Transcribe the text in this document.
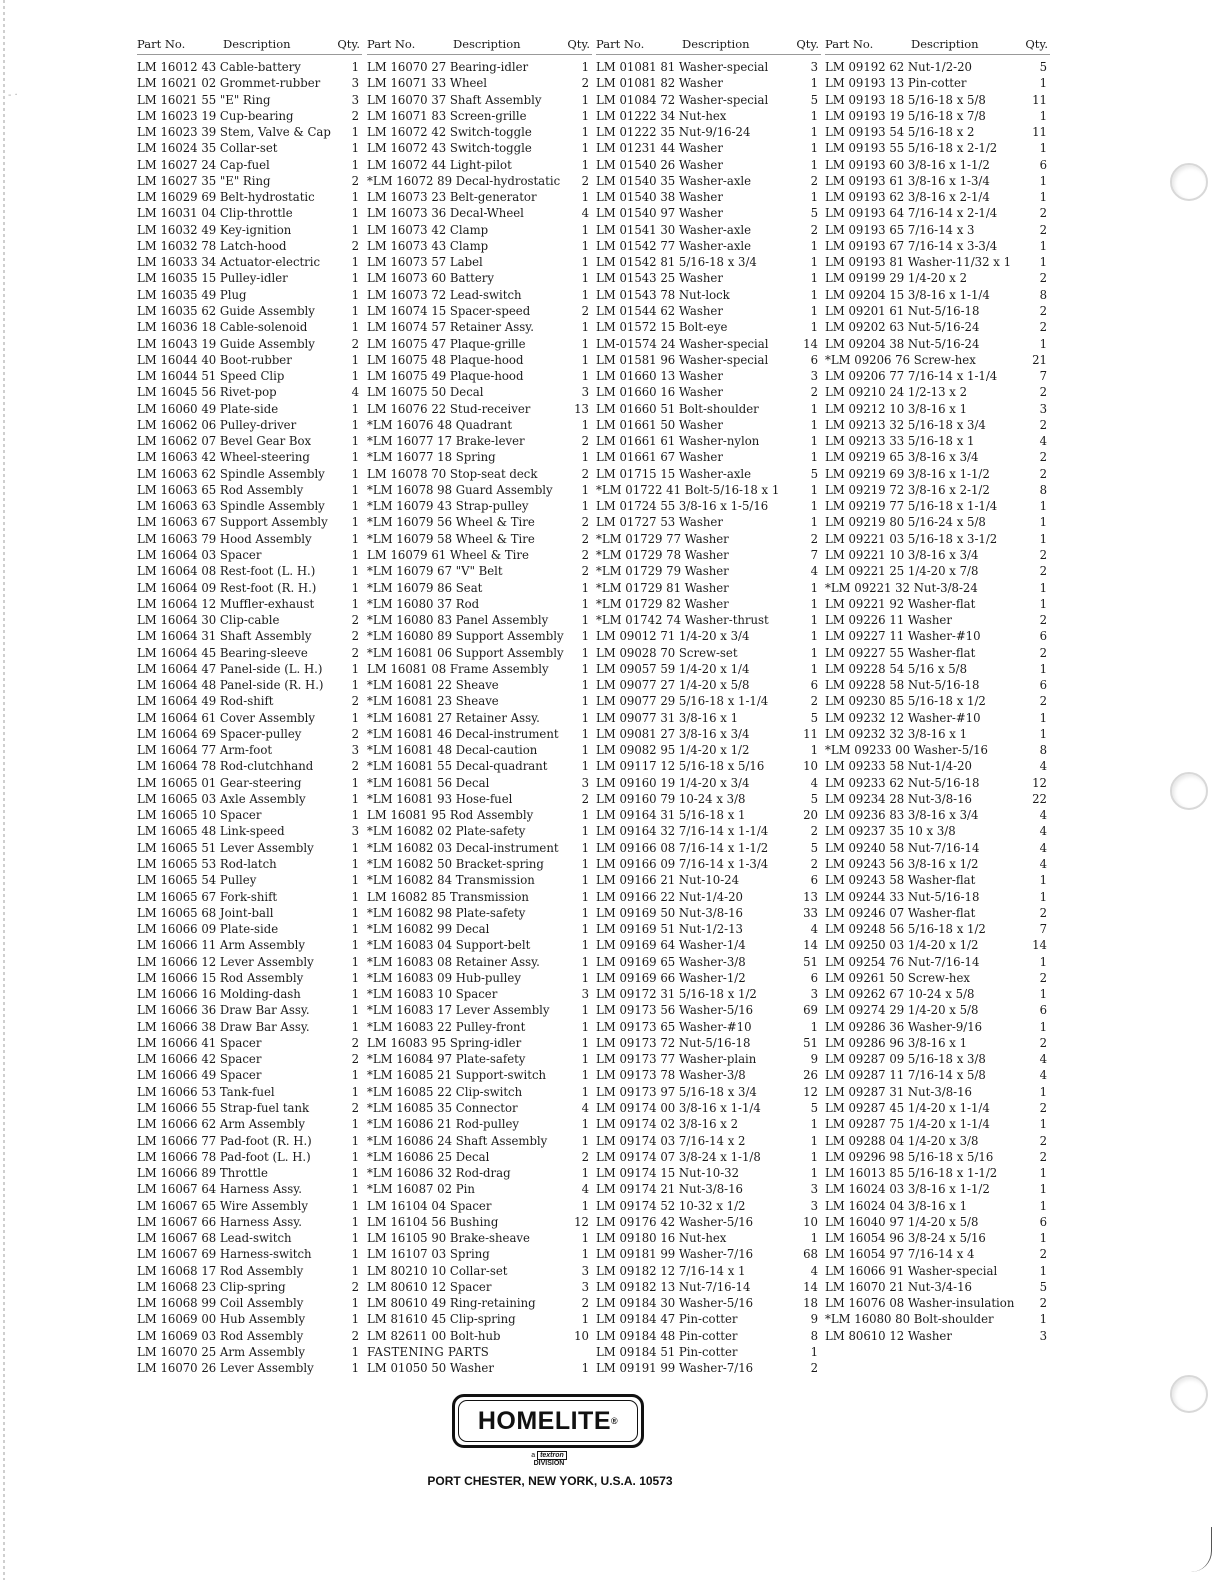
- ·
Part No.	Description	Qty.
LM 16012 43 Cable-battery	1
LM 16021 02 Grommet-rubber	3
LM 16021 55 "E" Ring	3
LM 16023 19 Cup-bearing	2
LM 16023 39 Stem, Valve & Cap	1
LM 16024 35 Collar-set	1
LM 16027 24 Cap-fuel	1
LM 16027 35 "E" Ring	2
LM 16029 69 Belt-hydrostatic	1
LM 16031 04 Clip-throttle	1
LM 16032 49 Key-ignition	1
LM 16032 78 Latch-hood	2
LM 16033 34 Actuator-electric	1
LM 16035 15 Pulley-idler	1
LM 16035 49 Plug	1
LM 16035 62 Guide Assembly	1
LM 16036 18 Cable-solenoid	1
LM 16043 19 Guide Assembly	2
LM 16044 40 Boot-rubber	1
LM 16044 51 Speed Clip	1
LM 16045 56 Rivet-pop	4
LM 16060 49 Plate-side	1
LM 16062 06 Pulley-driver	1
LM 16062 07 Bevel Gear Box	1
LM 16063 42 Wheel-steering	1
LM 16063 62 Spindle Assembly	1
LM 16063 65 Rod Assembly	1
LM 16063 63 Spindle Assembly	1
LM 16063 67 Support Assembly	1
LM 16063 79 Hood Assembly	1
LM 16064 03 Spacer	1
LM 16064 08 Rest-foot (L. H.)	1
LM 16064 09 Rest-foot (R. H.)	1
LM 16064 12 Muffler-exhaust	1
LM 16064 30 Clip-cable	2
LM 16064 31 Shaft Assembly	2
LM 16064 45 Bearing-sleeve	2
LM 16064 47 Panel-side (L. H.)	1
LM 16064 48 Panel-side (R. H.)	1
LM 16064 49 Rod-shift	2
LM 16064 61 Cover Assembly	1
LM 16064 69 Spacer-pulley	2
LM 16064 77 Arm-foot	3
LM 16064 78 Rod-clutchhand	2
LM 16065 01 Gear-steering	1
LM 16065 03 Axle Assembly	1
LM 16065 10 Spacer	1
LM 16065 48 Link-speed	3
LM 16065 51 Lever Assembly	1
LM 16065 53 Rod-latch	1
LM 16065 54 Pulley	1
LM 16065 67 Fork-shift	1
LM 16065 68 Joint-ball	1
LM 16066 09 Plate-side	1
LM 16066 11 Arm Assembly	1
LM 16066 12 Lever Assembly	1
LM 16066 15 Rod Assembly	1
LM 16066 16 Molding-dash	1
LM 16066 36 Draw Bar Assy.	1
LM 16066 38 Draw Bar Assy.	1
LM 16066 41 Spacer	2
LM 16066 42 Spacer	2
LM 16066 49 Spacer	1
LM 16066 53 Tank-fuel	1
LM 16066 55 Strap-fuel tank	2
LM 16066 62 Arm Assembly	1
LM 16066 77 Pad-foot (R. H.)	1
LM 16066 78 Pad-foot (L. H.)	1
LM 16066 89 Throttle	1
LM 16067 64 Harness Assy.	1
LM 16067 65 Wire Assembly	1
LM 16067 66 Harness Assy.	1
LM 16067 68 Lead-switch	1
LM 16067 69 Harness-switch	1
LM 16068 17 Rod Assembly	1
LM 16068 23 Clip-spring	2
LM 16068 99 Coil Assembly	1
LM 16069 00 Hub Assembly	1
LM 16069 03 Rod Assembly	2
LM 16070 25 Arm Assembly	1
LM 16070 26 Lever Assembly	1
Part No.	Description	Qty.
LM 16070 27 Bearing-idler	1
LM 16071 33 Wheel	2
LM 16070 37 Shaft Assembly	1
LM 16071 83 Screen-grille	1
LM 16072 42 Switch-toggle	1
LM 16072 43 Switch-toggle	1
LM 16072 44 Light-pilot	1
*LM 16072 89 Decal-hydrostatic	2
LM 16073 23 Belt-generator	1
LM 16073 36 Decal-Wheel	4
LM 16073 42 Clamp	1
LM 16073 43 Clamp	1
LM 16073 57 Label	1
LM 16073 60 Battery	1
LM 16073 72 Lead-switch	1
LM 16074 15 Spacer-speed	2
LM 16074 57 Retainer Assy.	1
LM 16075 47 Plaque-grille	1
LM 16075 48 Plaque-hood	1
LM 16075 49 Plaque-hood	1
LM 16075 50 Decal	3
LM 16076 22 Stud-receiver	13
*LM 16076 48 Quadrant	1
*LM 16077 17 Brake-lever	2
*LM 16077 18 Spring	1
LM 16078 70 Stop-seat deck	2
*LM 16078 98 Guard Assembly	1
*LM 16079 43 Strap-pulley	1
*LM 16079 56 Wheel & Tire	2
*LM 16079 58 Wheel & Tire	2
LM 16079 61 Wheel & Tire	2
*LM 16079 67 "V" Belt	2
*LM 16079 86 Seat	1
*LM 16080 37 Rod	1
*LM 16080 83 Panel Assembly	1
*LM 16080 89 Support Assembly	1
*LM 16081 06 Support Assembly	1
LM 16081 08 Frame Assembly	1
*LM 16081 22 Sheave	1
*LM 16081 23 Sheave	1
*LM 16081 27 Retainer Assy.	1
*LM 16081 46 Decal-instrument	1
*LM 16081 48 Decal-caution	1
*LM 16081 55 Decal-quadrant	1
*LM 16081 56 Decal	3
*LM 16081 93 Hose-fuel	2
LM 16081 95 Rod Assembly	1
*LM 16082 02 Plate-safety	1
*LM 16082 03 Decal-instrument	1
*LM 16082 50 Bracket-spring	1
*LM 16082 84 Transmission	1
LM 16082 85 Transmission	1
*LM 16082 98 Plate-safety	1
*LM 16082 99 Decal	1
*LM 16083 04 Support-belt	1
*LM 16083 08 Retainer Assy.	1
*LM 16083 09 Hub-pulley	1
*LM 16083 10 Spacer	3
*LM 16083 17 Lever Assembly	1
*LM 16083 22 Pulley-front	1
LM 16083 95 Spring-idler	1
*LM 16084 97 Plate-safety	1
*LM 16085 21 Support-switch	1
*LM 16085 22 Clip-switch	1
*LM 16085 35 Connector	4
*LM 16086 21 Rod-pulley	1
*LM 16086 24 Shaft Assembly	1
*LM 16086 25 Decal	2
*LM 16086 32 Rod-drag	1
*LM 16087 02 Pin	4
LM 16104 04 Spacer	1
LM 16104 56 Bushing	12
LM 16105 90 Brake-sheave	1
LM 16107 03 Spring	1
LM 80210 10 Collar-set	3
LM 80610 12 Spacer	3
LM 80610 49 Ring-retaining	2
LM 81610 45 Clip-spring	1
LM 82611 00 Bolt-hub	10
FASTENING PARTS
LM 01050 50 Washer	1
Part No.	Description	Qty.
LM 01081 81 Washer-special	3
LM 01081 82 Washer	1
LM 01084 72 Washer-special	5
LM 01222 34 Nut-hex	1
LM 01222 35 Nut-9/16-24	1
LM 01231 44 Washer	1
LM 01540 26 Washer	1
LM 01540 35 Washer-axle	2
LM 01540 38 Washer	1
LM 01540 97 Washer	5
LM 01541 30 Washer-axle	2
LM 01542 77 Washer-axle	1
LM 01542 81 5/16-18 x 3/4	1
LM 01543 25 Washer	1
LM 01543 78 Nut-lock	1
LM 01544 62 Washer	1
LM 01572 15 Bolt-eye	1
LM-01574 24 Washer-special	14
LM 01581 96 Washer-special	6
LM 01660 13 Washer	3
LM 01660 16 Washer	2
LM 01660 51 Bolt-shoulder	1
LM 01661 50 Washer	1
LM 01661 61 Washer-nylon	1
LM 01661 67 Washer	1
LM 01715 15 Washer-axle	5
*LM 01722 41 Bolt-5/16-18 x 1	1
LM 01724 55 3/8-16 x 1-5/16	1
LM 01727 53 Washer	1
*LM 01729 77 Washer	2
*LM 01729 78 Washer	7
*LM 01729 79 Washer	4
*LM 01729 81 Washer	1
*LM 01729 82 Washer	1
*LM 01742 74 Washer-thrust	1
LM 09012 71 1/4-20 x 3/4	1
LM 09028 70 Screw-set	1
LM 09057 59 1/4-20 x 1/4	1
LM 09077 27 1/4-20 x 5/8	6
LM 09077 29 5/16-18 x 1-1/4	2
LM 09077 31 3/8-16 x 1	5
LM 09081 27 3/8-16 x 3/4	11
LM 09082 95 1/4-20 x 1/2	1
LM 09117 12 5/16-18 x 5/16	10
LM 09160 19 1/4-20 x 3/4	4
LM 09160 79 10-24 x 3/8	5
LM 09164 31 5/16-18 x 1	20
LM 09164 32 7/16-14 x 1-1/4	2
LM 09166 08 7/16-14 x 1-1/2	5
LM 09166 09 7/16-14 x 1-3/4	2
LM 09166 21 Nut-10-24	6
LM 09166 22 Nut-1/4-20	13
LM 09169 50 Nut-3/8-16	33
LM 09169 51 Nut-1/2-13	4
LM 09169 64 Washer-1/4	14
LM 09169 65 Washer-3/8	51
LM 09169 66 Washer-1/2	6
LM 09172 31 5/16-18 x 1/2	3
LM 09173 56 Washer-5/16	69
LM 09173 65 Washer-#10	1
LM 09173 72 Nut-5/16-18	51
LM 09173 77 Washer-plain	9
LM 09173 78 Washer-3/8	26
LM 09173 97 5/16-18 x 3/4	12
LM 09174 00 3/8-16 x 1-1/4	5
LM 09174 02 3/8-16 x 2	1
LM 09174 03 7/16-14 x 2	1
LM 09174 07 3/8-24 x 1-1/8	1
LM 09174 15 Nut-10-32	1
LM 09174 21 Nut-3/8-16	3
LM 09174 52 10-32 x 1/2	3
LM 09176 42 Washer-5/16	10
LM 09180 16 Nut-hex	1
LM 09181 99 Washer-7/16	68
LM 09182 12 7/16-14 x 1	4
LM 09182 13 Nut-7/16-14	14
LM 09184 30 Washer-5/16	18
LM 09184 47 Pin-cotter	9
LM 09184 48 Pin-cotter	8
LM 09184 51 Pin-cotter	1
LM 09191 99 Washer-7/16	2
Part No.	Description	Qty.
LM 09192 62 Nut-1/2-20	5
LM 09193 13 Pin-cotter	1
LM 09193 18 5/16-18 x 5/8	11
LM 09193 19 5/16-18 x 7/8	1
LM 09193 54 5/16-18 x 2	11
LM 09193 55 5/16-18 x 2-1/2	1
LM 09193 60 3/8-16 x 1-1/2	6
LM 09193 61 3/8-16 x 1-3/4	1
LM 09193 62 3/8-16 x 2-1/4	1
LM 09193 64 7/16-14 x 2-1/4	2
LM 09193 65 7/16-14 x 3	2
LM 09193 67 7/16-14 x 3-3/4	1
LM 09193 81 Washer-11/32 x 1	1
LM 09199 29 1/4-20 x 2	2
LM 09204 15 3/8-16 x 1-1/4	8
LM 09201 61 Nut-5/16-18	2
LM 09202 63 Nut-5/16-24	2
LM 09204 38 Nut-5/16-24	1
*LM 09206 76 Screw-hex	21
LM 09206 77 7/16-14 x 1-1/4	7
LM 09210 24 1/2-13 x 2	2
LM 09212 10 3/8-16 x 1	3
LM 09213 32 5/16-18 x 3/4	2
LM 09213 33 5/16-18 x 1	4
LM 09219 65 3/8-16 x 3/4	2
LM 09219 69 3/8-16 x 1-1/2	2
LM 09219 72 3/8-16 x 2-1/2	8
LM 09219 77 5/16-18 x 1-1/4	1
LM 09219 80 5/16-24 x 5/8	1
LM 09221 03 5/16-18 x 3-1/2	1
LM 09221 10 3/8-16 x 3/4	2
LM 09221 25 1/4-20 x 7/8	2
*LM 09221 32 Nut-3/8-24	1
LM 09221 92 Washer-flat	1
LM 09226 11 Washer	2
LM 09227 11 Washer-#10	6
LM 09227 55 Washer-flat	2
LM 09228 54 5/16 x 5/8	1
LM 09228 58 Nut-5/16-18	6
LM 09230 85 5/16-18 x 1/2	2
LM 09232 12 Washer-#10	1
LM 09232 32 3/8-16 x 1	1
*LM 09233 00 Washer-5/16	8
LM 09233 58 Nut-1/4-20	4
LM 09233 62 Nut-5/16-18	12
LM 09234 28 Nut-3/8-16	22
LM 09236 83 3/8-16 x 3/4	4
LM 09237 35 10 x 3/8	4
LM 09240 58 Nut-7/16-14	4
LM 09243 56 3/8-16 x 1/2	4
LM 09243 58 Washer-flat	1
LM 09244 33 Nut-5/16-18	1
LM 09246 07 Washer-flat	2
LM 09248 56 5/16-18 x 1/2	7
LM 09250 03 1/4-20 x 1/2	14
LM 09254 76 Nut-7/16-14	1
LM 09261 50 Screw-hex	2
LM 09262 67 10-24 x 5/8	1
LM 09274 29 1/4-20 x 5/8	6
LM 09286 36 Washer-9/16	1
LM 09286 96 3/8-16 x 1	2
LM 09287 09 5/16-18 x 3/8	4
LM 09287 11 7/16-14 x 5/8	4
LM 09287 31 Nut-3/8-16	1
LM 09287 45 1/4-20 x 1-1/4	2
LM 09287 75 1/4-20 x 1-1/4	1
LM 09288 04 1/4-20 x 3/8	2
LM 09296 98 5/16-18 x 5/16	2
LM 16013 85 5/16-18 x 1-1/2	1
LM 16024 03 3/8-16 x 1-1/2	1
LM 16024 04 3/8-16 x 1	1
LM 16040 97 1/4-20 x 5/8	6
LM 16054 96 3/8-24 x 5/16	1
LM 16054 97 7/16-14 x 4	2
LM 16066 91 Washer-special	1
LM 16070 21 Nut-3/4-16	5
LM 16076 08 Washer-insulation	2
*LM 16080 80 Bolt-shoulder	1
LM 80610 12 Washer	3
HOMELITE ®
a textron
DIVISION
PORT CHESTER, NEW YORK, U.S.A. 10573
